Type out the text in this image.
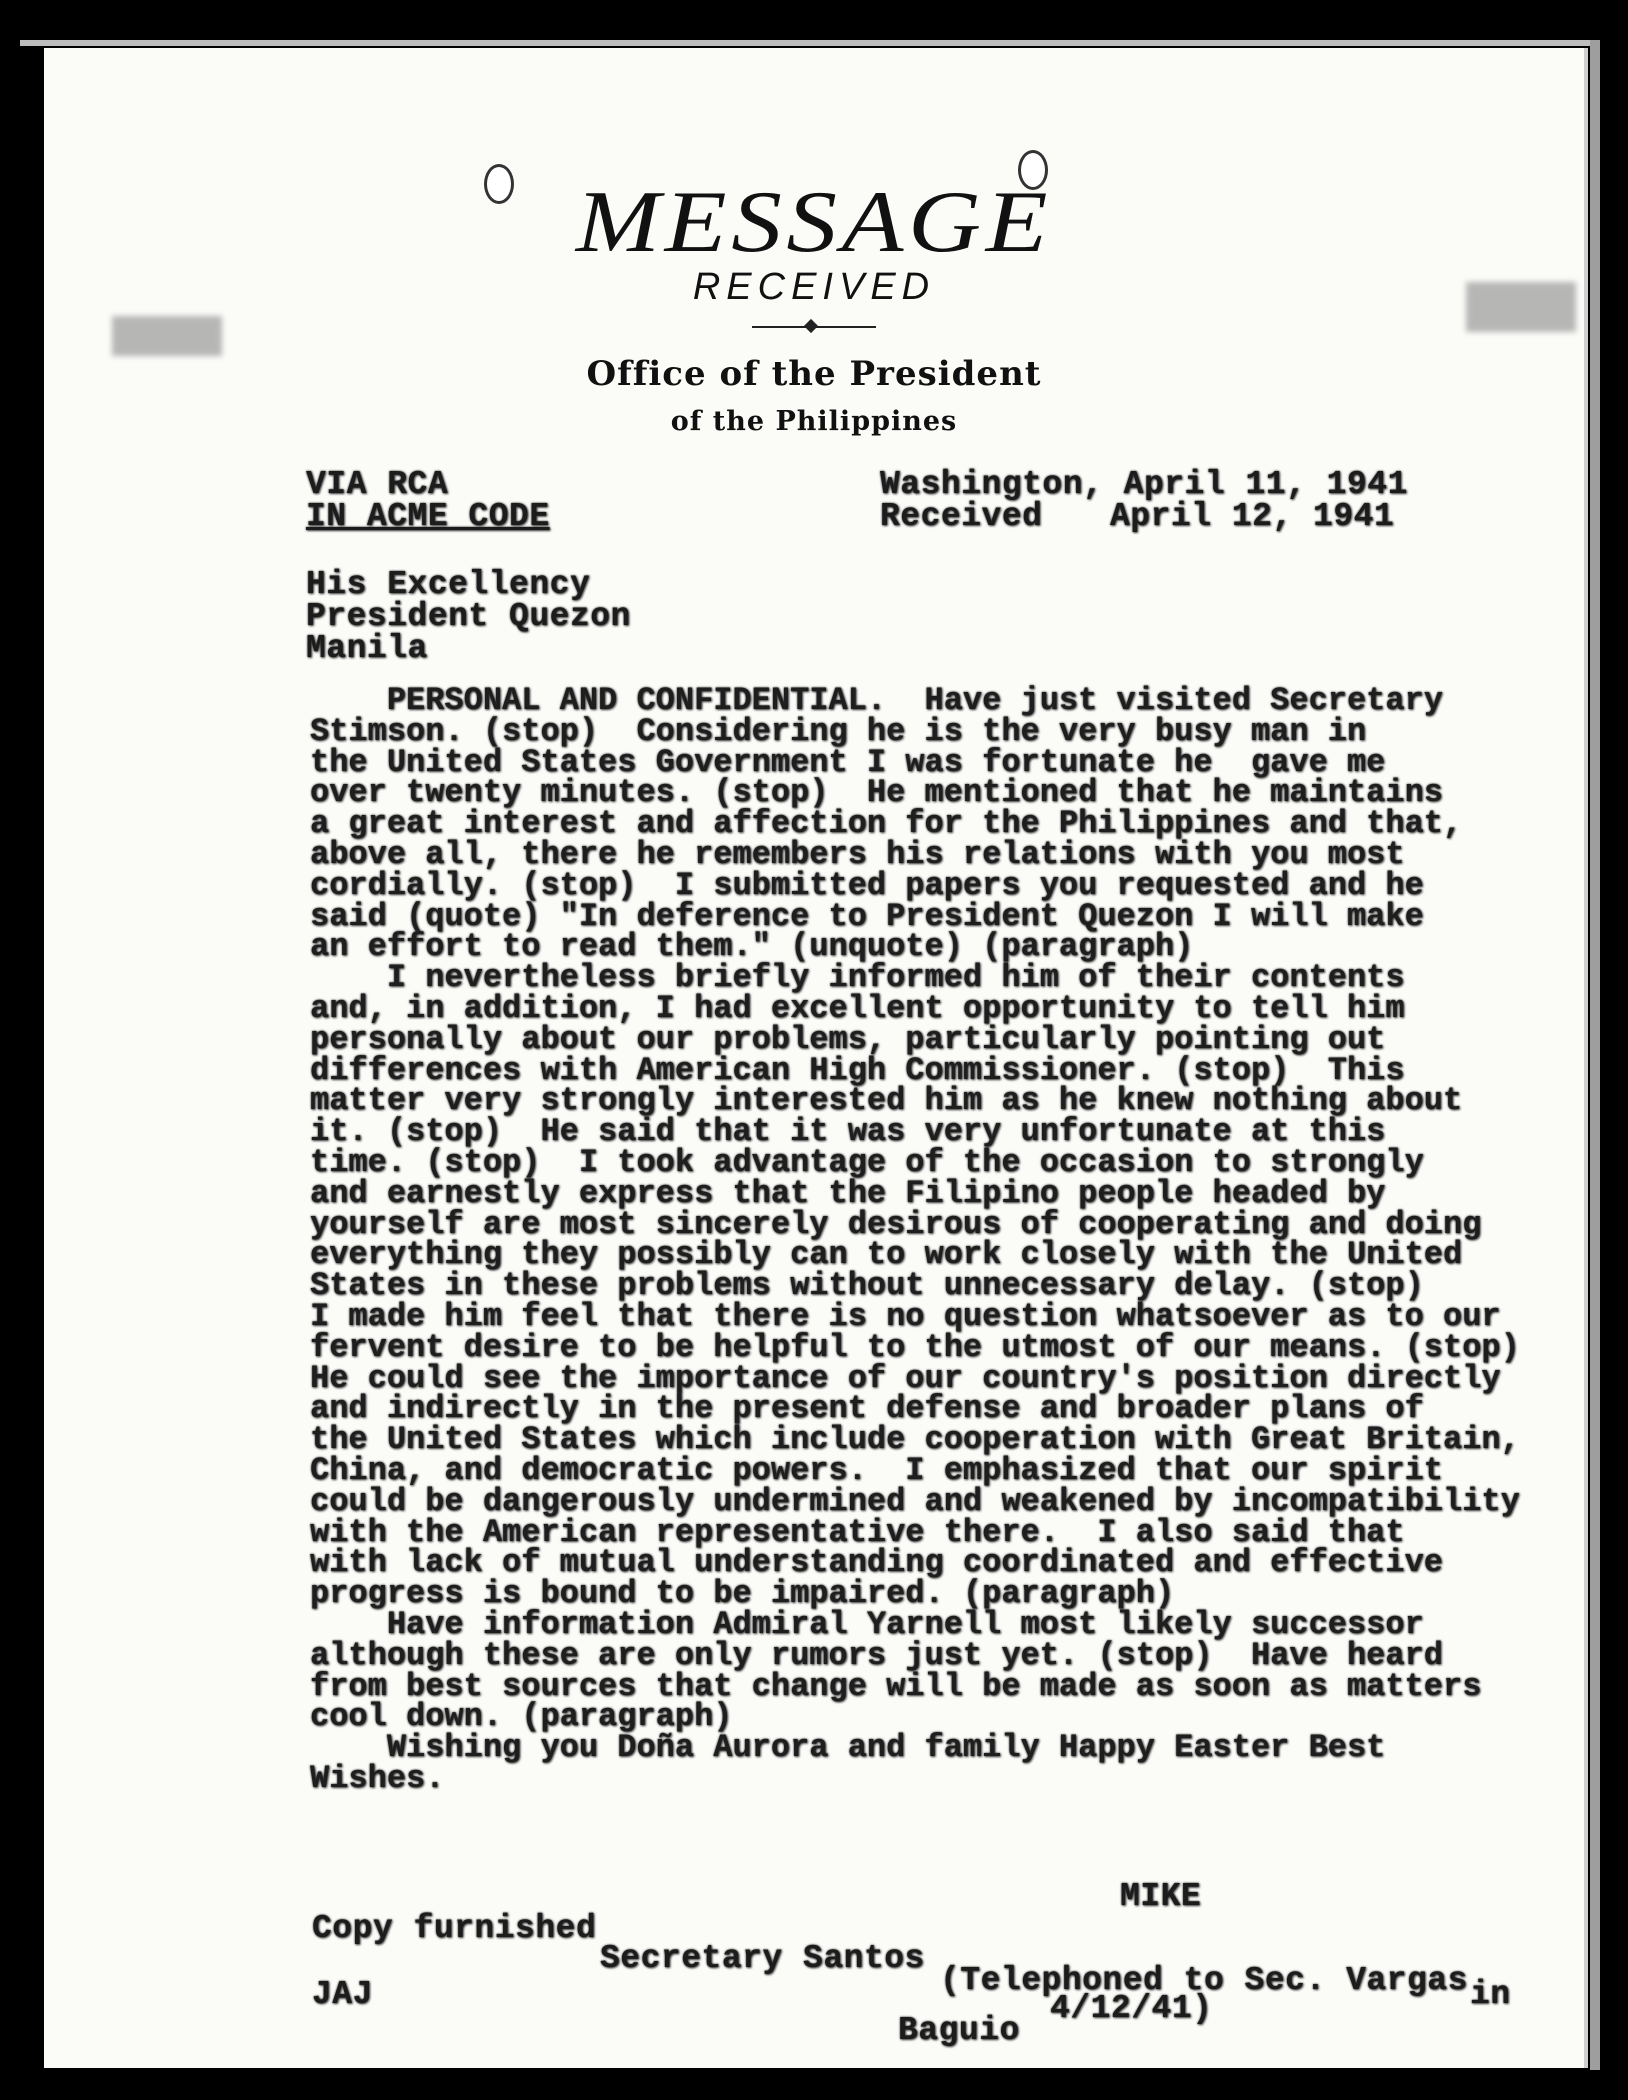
MESSAGE
RECEIVED
Office of the President
of the Philippines
VIA RCA
IN ACME CODE
Washington, April 11, 1941
Received April 12, 1941
His Excellency
President Quezon
Manila
PERSONAL AND CONFIDENTIAL.  Have just visited Secretary
Stimson. (stop)  Considering he is the very busy man in
the United States Government I was fortunate he  gave me
over twenty minutes. (stop)  He mentioned that he maintains
a great interest and affection for the Philippines and that,
above all, there he remembers his relations with you most
cordially. (stop)  I submitted papers you requested and he
said (quote) "In deference to President Quezon I will make
an effort to read them." (unquote) (paragraph)
I nevertheless briefly informed him of their contents
and, in addition, I had excellent opportunity to tell him
personally about our problems, particularly pointing out
differences with American High Commissioner. (stop)  This
matter very strongly interested him as he knew nothing about
it. (stop)  He said that it was very unfortunate at this
time. (stop)  I took advantage of the occasion to strongly
and earnestly express that the Filipino people headed by
yourself are most sincerely desirous of cooperating and doing
everything they possibly can to work closely with the United
States in these problems without unnecessary delay. (stop)
I made him feel that there is no question whatsoever as to our
fervent desire to be helpful to the utmost of our means. (stop)
He could see the importance of our country's position directly
and indirectly in the present defense and broader plans of
the United States which include cooperation with Great Britain,
China, and democratic powers.  I emphasized that our spirit
could be dangerously undermined and weakened by incompatibility
with the American representative there.  I also said that
with lack of mutual understanding coordinated and effective
progress is bound to be impaired. (paragraph)
Have information Admiral Yarnell most likely successor
although these are only rumors just yet. (stop)  Have heard
from best sources that change will be made as soon as matters
cool down. (paragraph)
Wishing you Doña Aurora and family Happy Easter Best
Wishes.
MIKE
Copy furnished
Secretary Santos
JAJ	(Telephoned to Sec. Vargas in
4/12/41)
Baguio
